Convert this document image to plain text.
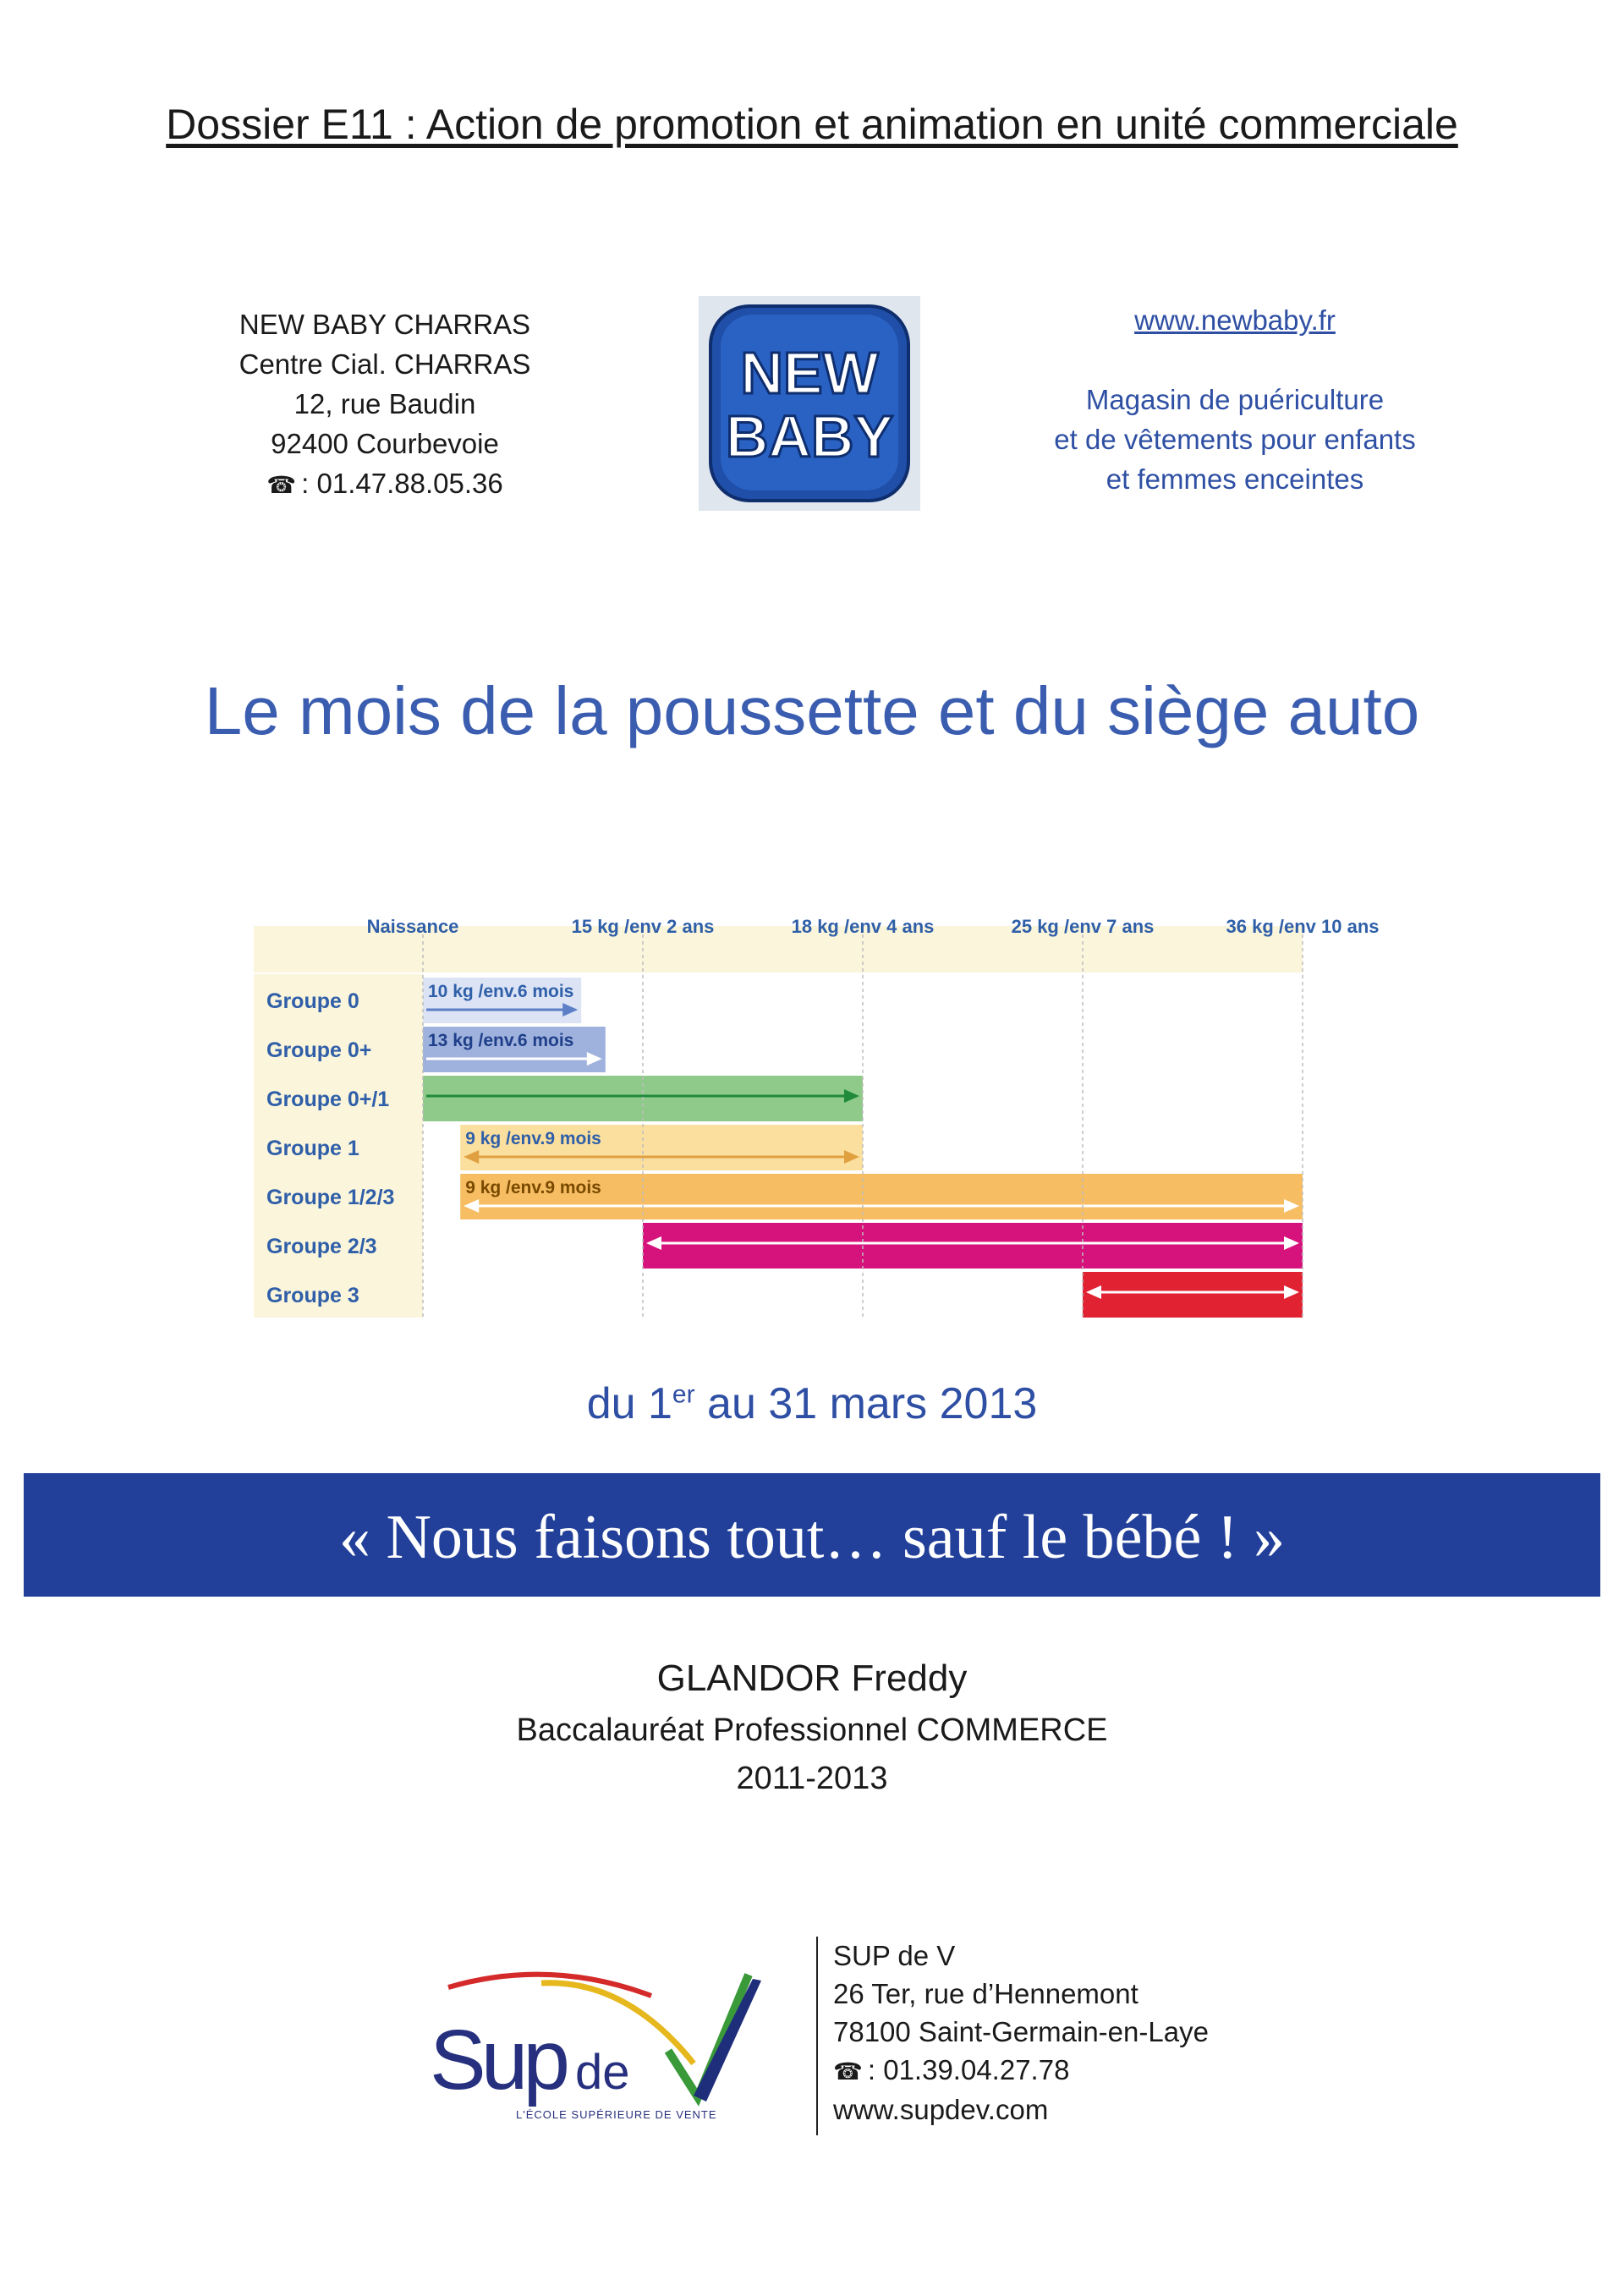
Dossier E11 : Action de promotion et animation en unité commerciale
NEW BABY CHARRAS
Centre Cial. CHARRAS
12, rue Baudin
92400 Courbevoie
☎ : 01.47.88.05.36
NEW
BABY
www.newbaby.fr
Magasin de puériculture
et de vêtements pour enfants
et femmes enceintes
Le mois de la poussette et du siège auto
Naissance	15 kg /env 2 ans	18 kg /env 4 ans	25 kg /env 7 ans	36 kg /env 10 ans
Groupe 0	10 kg /env.6 mois
Groupe 0+	13 kg /env.6 mois
Groupe 0+/1
Groupe 1	9 kg /env.9 mois
Groupe 1/2/3	9 kg /env.9 mois
Groupe 2/3
Groupe 3
du 1er au 31 mars 2013
« Nous faisons tout… sauf le bébé ! »
GLANDOR Freddy
Baccalauréat Professionnel COMMERCE
2011-2013
Sup de
L'ÉCOLE SUPÉRIEURE DE VENTE
SUP de V
26 Ter, rue d’Hennemont
78100 Saint-Germain-en-Laye
☎ : 01.39.04.27.78
www.supdev.com
